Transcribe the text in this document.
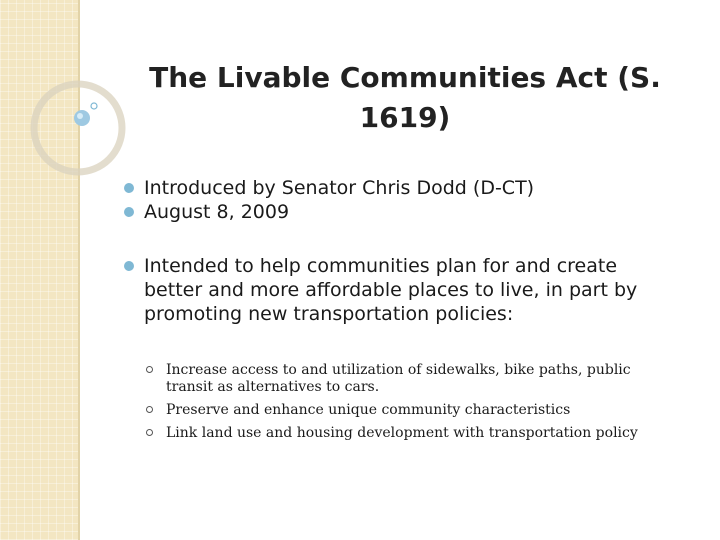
The Livable Communities Act (S. 1619)
Introduced by Senator Chris Dodd (D-CT)
August 8, 2009
Intended to help communities plan for and create better and more affordable places to live, in part by promoting new transportation policies:
Increase access to and utilization of sidewalks, bike paths, public transit as alternatives to cars.
Preserve and enhance unique community characteristics
Link land use and housing development with transportation policy
